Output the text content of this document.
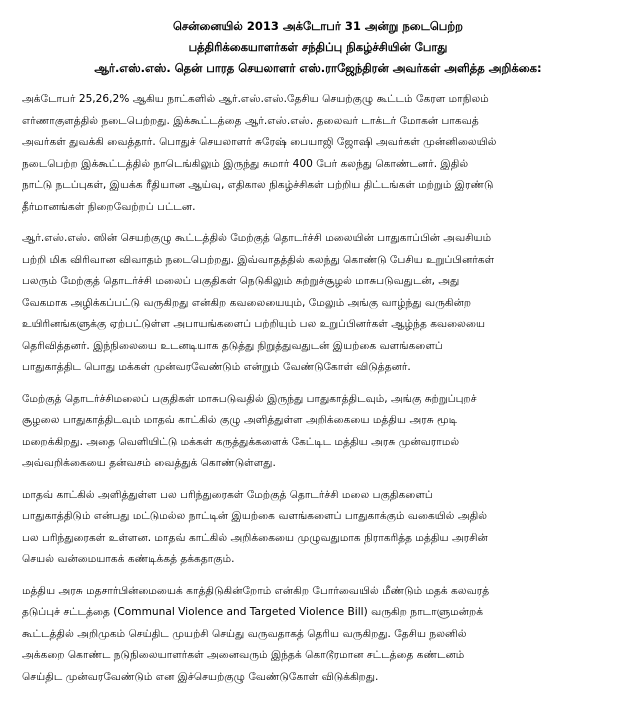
சென்னையில் 2013 அக்டோபர் 31 அன்று நடைபெற்ற
பத்திரிக்கையாளர்கள் சந்திப்பு நிகழ்ச்சியின் போது
ஆர்.எஸ்.எஸ். தென் பாரத செயலாளர் எஸ்.ராஜேந்திரன் அவர்கள் அளித்த அறிக்கை:
அக்டோபர் 25,26,2% ஆகிய நாட்களில் ஆர்.எஸ்.எஸ்.தேசிய செயற்குழு கூட்டம் கேரள மாநிலம்
எர்ணாகுளத்தில் நடைபெற்றது. இக்கூட்டத்தை ஆர்.எஸ்.எஸ். தலைவர் டாக்டர் மோகன் பாகவத்
அவர்கள் துவக்கி வைத்தார். பொதுச் செயலாளர் சுரேஷ் பையாஜி ஜோஷி அவர்கள் முன்னிலையில்
நடைபெற்ற இக்கூட்டத்தில் நாடெங்கிலும் இருந்து சுமார் 400 பேர் கலந்து கொண்டனர். இதில்
நாட்டு நடப்புகள், இயக்க ரீதியான ஆய்வு, எதிகால நிகழ்ச்சிகள் பற்றிய திட்டங்கள் மற்றும் இரண்டு
தீர்மானங்கள் நிறைவேற்றப் பட்டன.
ஆர்.எஸ்.எஸ். ஸின் செயற்குழு கூட்டத்தில் மேற்குத் தொடர்ச்சி மலையின் பாதுகாப்பின் அவசியம்
பற்றி மிக விரிவான விவாதம் நடைபெற்றது. இவ்வாதத்தில் கலந்து கொண்டு பேசிய உறுப்பினர்கள்
பலரும் மேற்குத் தொடர்ச்சி மலைப் பகுதிகள் நெடுகிலும் சுற்றுச்சூழல் மாசுபடுவதுடன், அது
வேகமாக அழிக்கப்பட்டு வருகிறது என்கிற கவலையையும், மேலும் அங்கு வாழ்ந்து வருகின்ற
உயிரினங்களுக்கு ஏற்பட்டுள்ள அபாயங்களைப் பற்றியும் பல உறுப்பினர்கள் ஆழ்ந்த கவலையை
தெரிவித்தனர். இந்நிலையை உடனடியாக தடுத்து நிறுத்துவதுடன் இயற்கை வளங்களைப்
பாதுகாத்திட பொது மக்கள் முன்வரவேண்டும் என்றும் வேண்டுகோள் விடுத்தனர்.
மேற்குத் தொடர்ச்சிமலைப் பகுதிகள் மாசுபடுவதில் இருந்து பாதுகாத்திடவும், அங்கு சுற்றுப்புறச்
சூழலை பாதுகாத்திடவும் மாதவ் காட்கில் குழு அளித்துள்ள அறிக்கையை மத்திய அரசு மூடி
மறைக்கிறது. அதை வெளியிட்டு மக்கள் கருத்துக்களைக் கேட்டிட மத்திய அரசு முன்வராமல்
அவ்வறிக்கையை தன்வசம் வைத்துக் கொண்டுள்ளது.
மாதவ் காட்கில் அளித்துள்ள பல பரிந்துரைகள் மேற்குத் தொடர்ச்சி மலை பகுதிகளைப்
பாதுகாத்திடும் என்பது மட்டுமல்ல நாட்டின் இயற்கை வளங்களைப் பாதுகாக்கும் வகையில் அதில்
பல பரிந்துரைகள் உள்ளன. மாதவ் காட்கில் அறிக்கையை முழுவதுமாக நிராகரித்த மத்திய அரசின்
செயல் வன்மையாகக் கண்டிக்கத் தக்கதாகும்.
மத்திய அரசு மதசார்பின்மையைக் காத்திடுகின்றோம் என்கிற போர்வையில் மீண்டும் மதக் கலவரத்
தடுப்புச் சட்டத்தை (Communal Violence and Targeted Violence Bill) வருகிற நாடாளுமன்றக்
கூட்டத்தில் அறிமுகம் செய்திட முயற்சி செய்து வருவதாகத் தெரிய வருகிறது. தேசிய நலனில்
அக்கறை கொண்ட நடுநிலையாளர்கள் அனைவரும் இந்தக் கொடூரமான சட்டத்தை கண்டனம்
செய்திட முன்வரவேண்டும் என இச்செயற்குழு வேண்டுகோள் விடுக்கிறது.
